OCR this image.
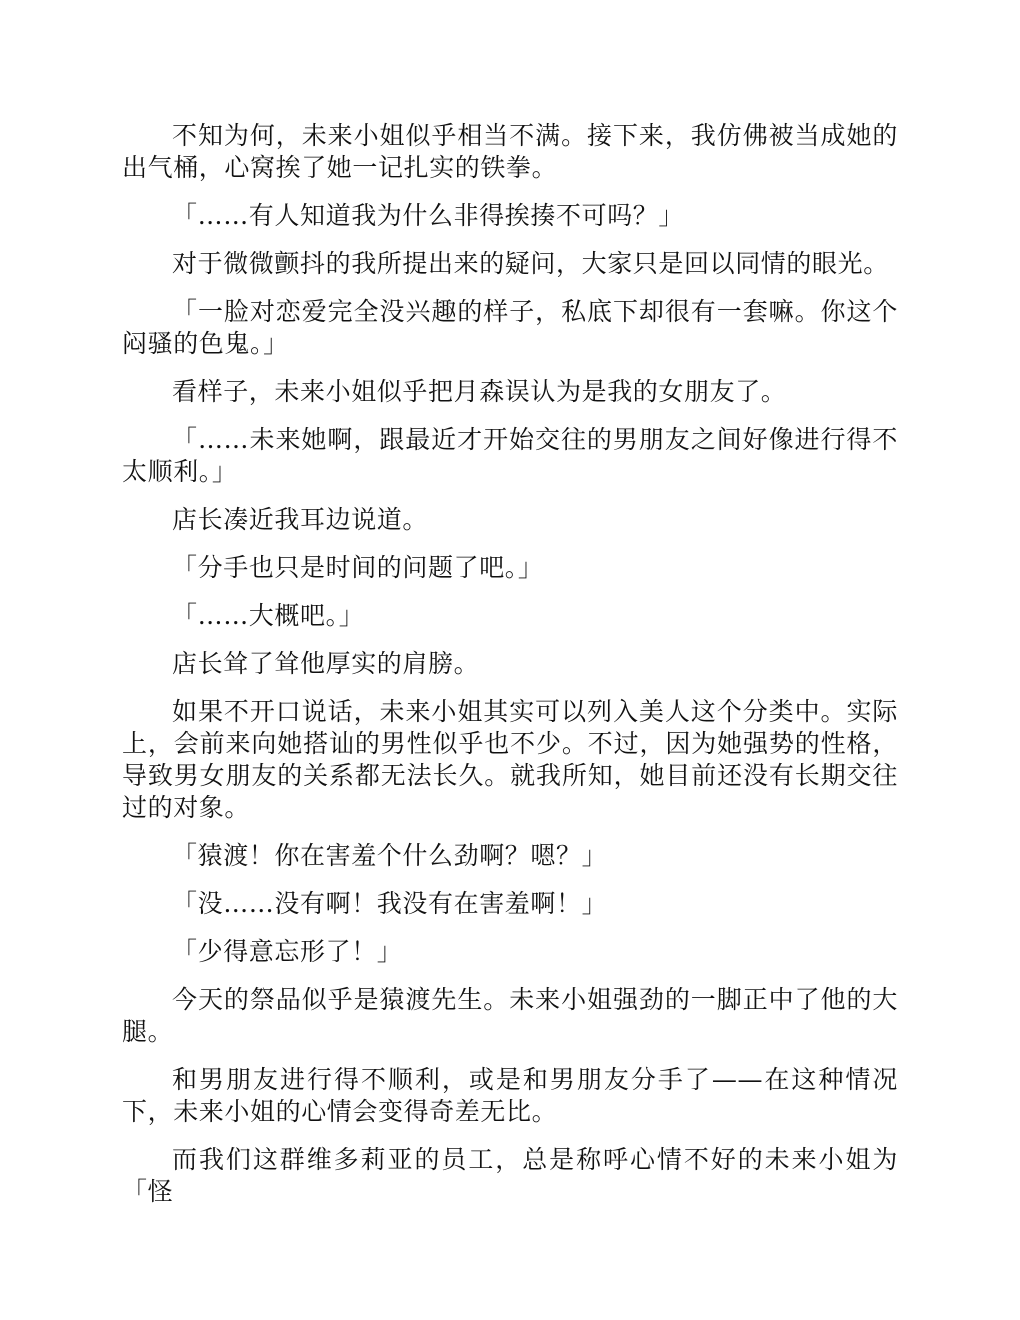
不知为何，未来小姐似乎相当不满。接下来，我仿佛被当成她的出气桶，心窝挨了她一记扎实的铁拳。

「……有人知道我为什么非得挨揍不可吗？」

对于微微颤抖的我所提出来的疑问，大家只是回以同情的眼光。

「一脸对恋爱完全没兴趣的样子，私底下却很有一套嘛。你这个闷骚的色鬼。」

看样子，未来小姐似乎把月森误认为是我的女朋友了。

「……未来她啊，跟最近才开始交往的男朋友之间好像进行得不太顺利。」

店长凑近我耳边说道。

「分手也只是时间的问题了吧。」

「……大概吧。」

店长耸了耸他厚实的肩膀。

如果不开口说话，未来小姐其实可以列入美人这个分类中。实际上，会前来向她搭讪的男性似乎也不少。不过，因为她强势的性格，导致男女朋友的关系都无法长久。就我所知，她目前还没有长期交往过的对象。

「猿渡！你在害羞个什么劲啊？嗯？」

「没……没有啊！我没有在害羞啊！」

「少得意忘形了！」

今天的祭品似乎是猿渡先生。未来小姐强劲的一脚正中了他的大腿。

和男朋友进行得不顺利，或是和男朋友分手了——在这种情况下，未来小姐的心情会变得奇差无比。

而我们这群维多莉亚的员工，总是称呼心情不好的未来小姐为「怪
